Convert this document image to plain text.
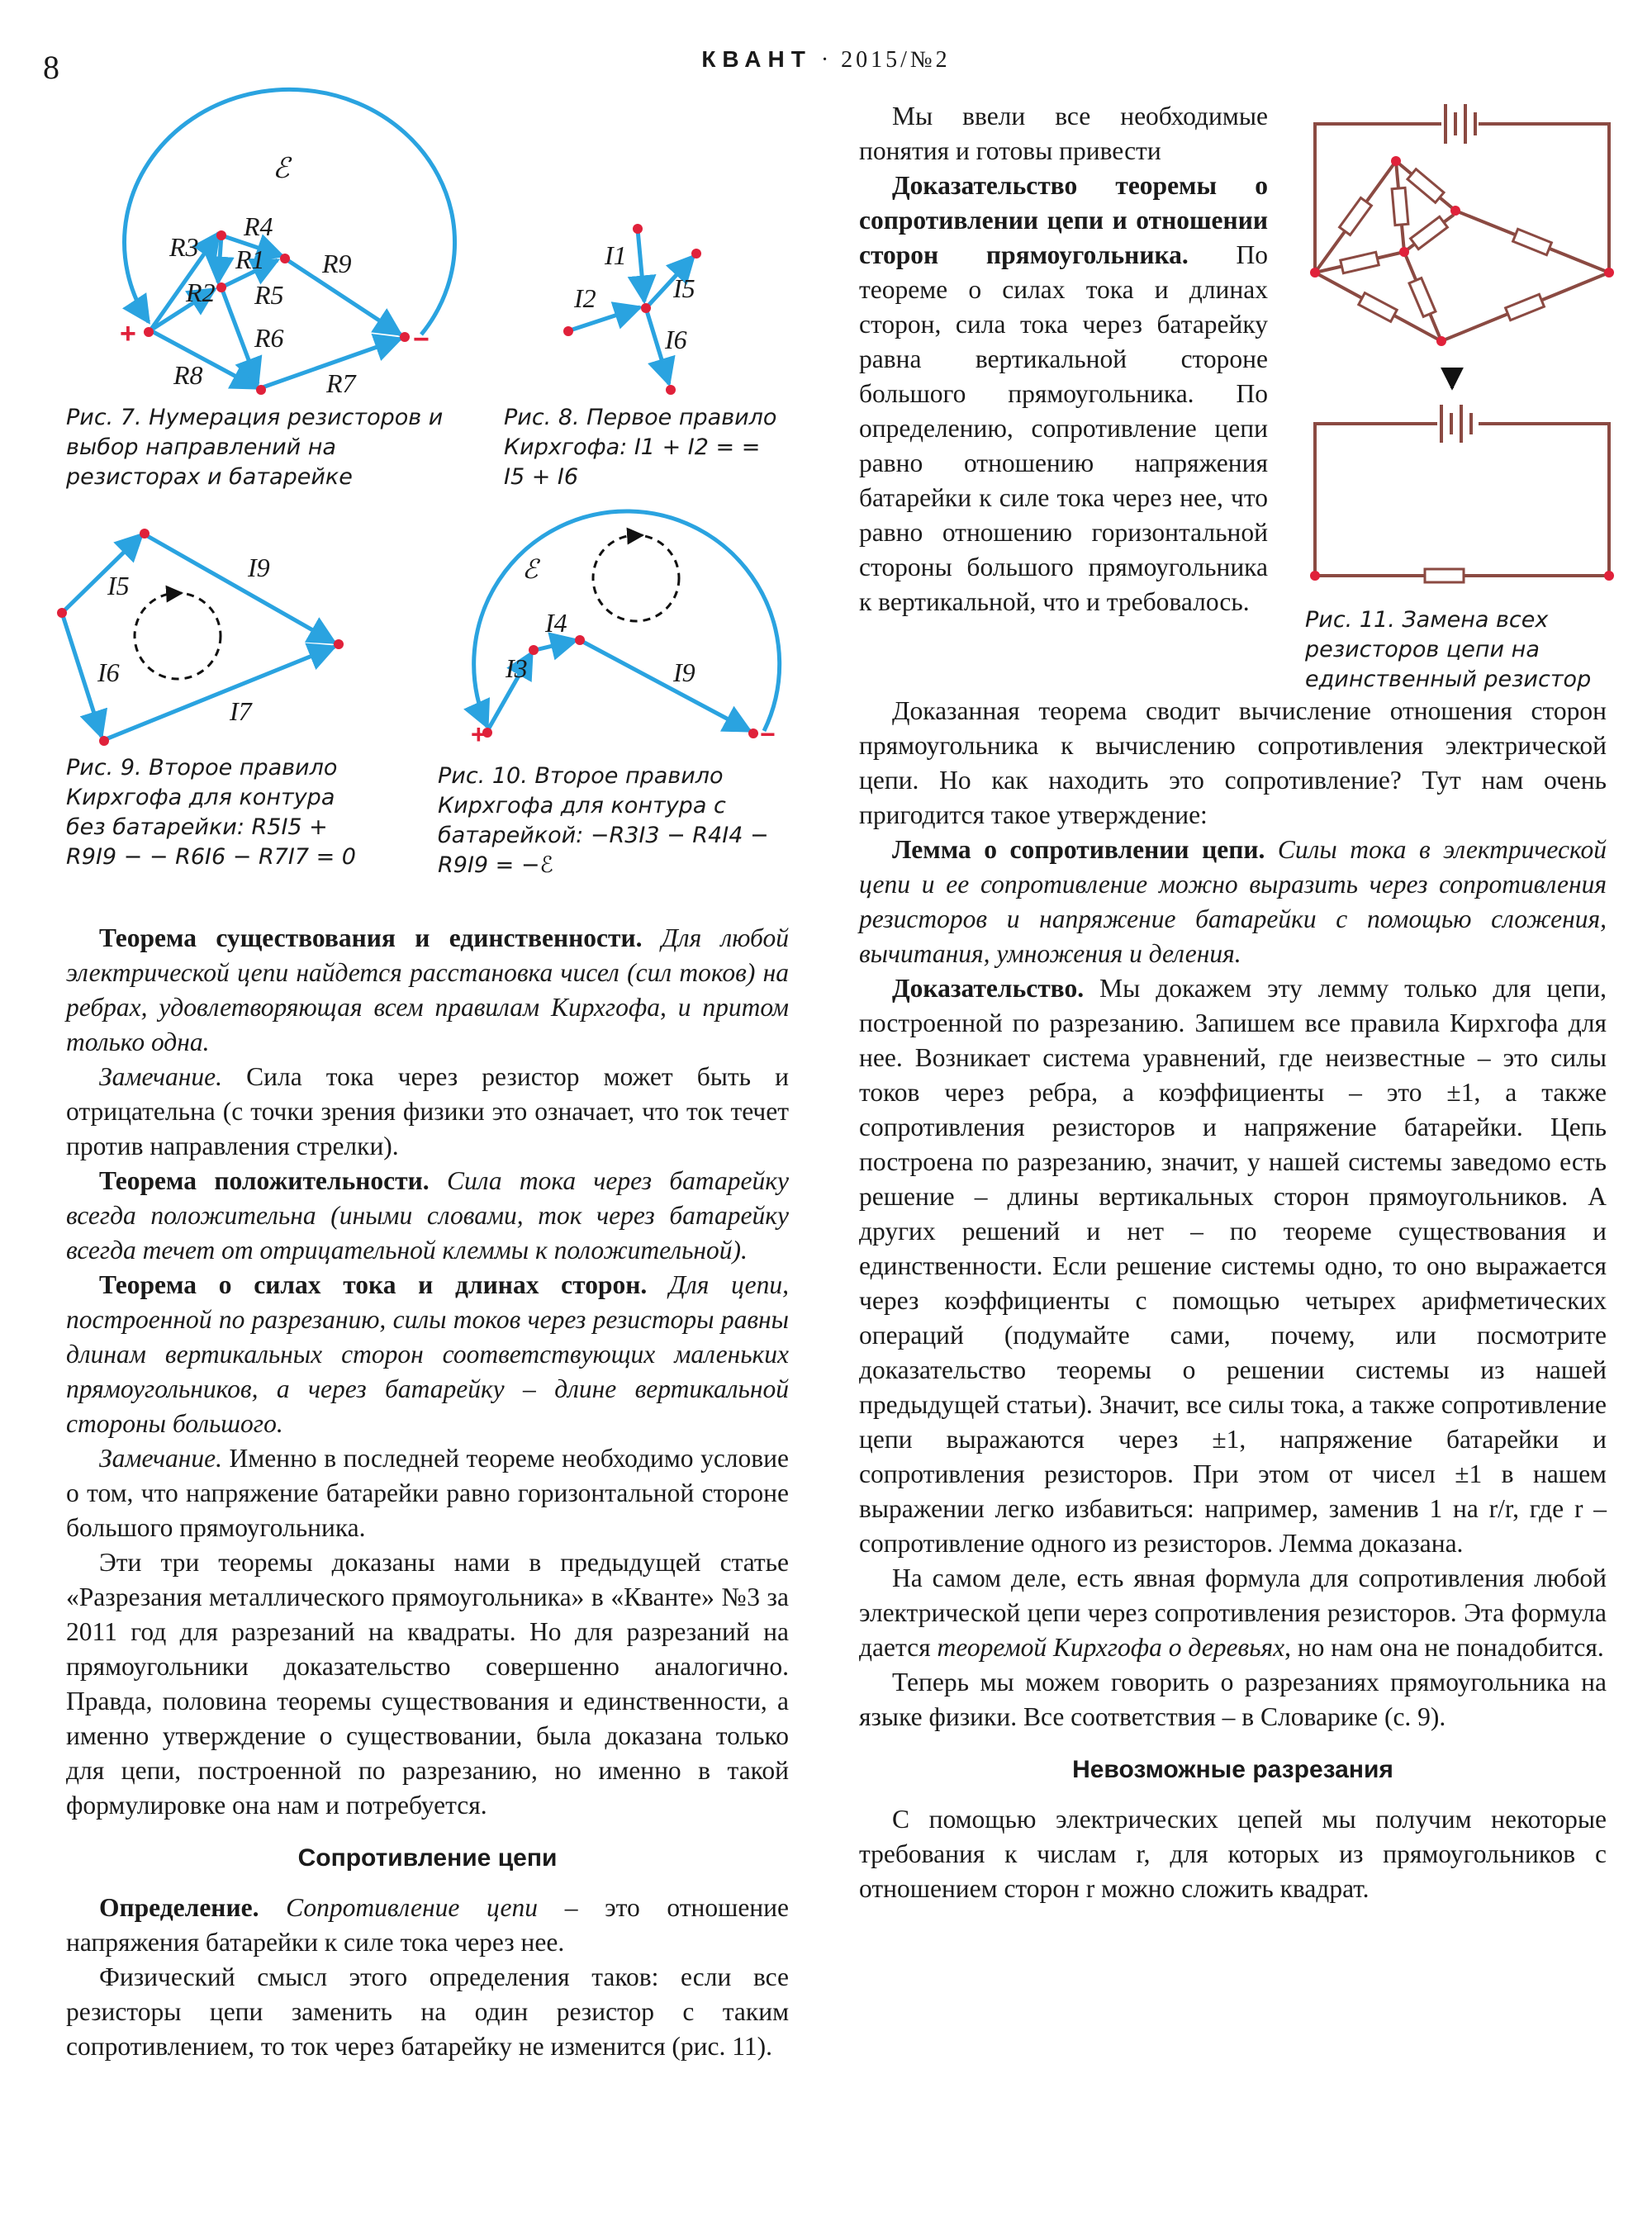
8	КВАНТ · 2015/№2
ℰ
R3
R4
R1 R9
R2 R5
R6
R8	R7
+	−
Рис. 7. Нумерация резисторов и выбор направлений на резисторах и батарейке
I1
I2	I5
I6
Рис. 8. Первое правило Кирхгофа: I1 + I2 = = I5 + I6
I5
I9
I6
I7
Рис. 9. Второе правило Кирхгофа для контура без батарейки: R5I5 + R9I9 − − R6I6 − R7I7 = 0
ℰ
I3
I4
I9
+	−
Рис. 10. Второе правило Кирхгофа для контура с батарейкой: −R3I3 − R4I4 − R9I9 = −ℰ
Рис. 11. Замена всех резисторов цепи на единственный резистор

Теорема существования и единственности. Для любой электрической цепи найдется расстановка чисел (сил токов) на ребрах, удовлетворяющая всем правилам Кирхгофа, и притом только одна.

Замечание. Сила тока через резистор может быть и отрицательна (с точки зрения физики это означает, что ток течет против направления стрелки).

Теорема положительности. Сила тока через батарейку всегда положительна (иными словами, ток через батарейку всегда течет от отрицательной клеммы к положительной).

Теорема о силах тока и длинах сторон. Для цепи, построенной по разрезанию, силы токов через резисторы равны длинам вертикальных сторон соответствующих маленьких прямоугольников, а через батарейку – длине вертикальной стороны большого.

Замечание. Именно в последней теореме необходимо условие о том, что напряжение батарейки равно горизонтальной стороне большого прямоугольника.

Эти три теоремы доказаны нами в предыдущей статье «Разрезания металлического прямоугольника» в «Кванте» №3 за 2011 год для разрезаний на квадраты. Но для разрезаний на прямоугольники доказательство совершенно аналогично. Правда, половина теоремы существования и единственности, а именно утверждение о существовании, была доказана только для цепи, построенной по разрезанию, но именно в такой формулировке она нам и потребуется.

Сопротивление цепи

Определение. Сопротивление цепи – это отношение напряжения батарейки к силе тока через нее.

Физический смысл этого определения таков: если все резисторы цепи заменить на один резистор с таким сопротивлением, то ток через батарейку не изменится (рис. 11).

Мы ввели все необходимые понятия и готовы привести

Доказательство теоремы о сопротивлении цепи и отношении сторон прямоугольника. По теореме о силах тока и длинах сторон, сила тока через батарейку равна вертикальной стороне большого прямоугольника. По определению, сопротивление цепи равно отношению напряжения батарейки к силе тока через нее, что равно отношению горизонтальной стороны большого прямоугольника к вертикальной, что и требовалось.

Доказанная теорема сводит вычисление отношения сторон прямоугольника к вычислению сопротивления электрической цепи. Но как находить это сопротивление? Тут нам очень пригодится такое утверждение:

Лемма о сопротивлении цепи. Силы тока в электрической цепи и ее сопротивление можно выразить через сопротивления резисторов и напряжение батарейки с помощью сложения, вычитания, умножения и деления.

Доказательство. Мы докажем эту лемму только для цепи, построенной по разрезанию. Запишем все правила Кирхгофа для нее. Возникает система уравнений, где неизвестные – это силы токов через ребра, а коэффициенты – это ±1, а также сопротивления резисторов и напряжение батарейки. Цепь построена по разрезанию, значит, у нашей системы заведомо есть решение – длины вертикальных сторон прямоугольников. А других решений и нет – по теореме существования и единственности. Если решение системы одно, то оно выражается через коэффициенты с помощью четырех арифметических операций (подумайте сами, почему, или посмотрите доказательство теоремы о решении системы из нашей предыдущей статьи). Значит, все силы тока, а также сопротивление цепи выражаются через ±1, напряжение батарейки и сопротивления резисторов. При этом от чисел ±1 в нашем выражении легко избавиться: например, заменив 1 на r/r, где r – сопротивление одного из резисторов. Лемма доказана.

На самом деле, есть явная формула для сопротивления любой электрической цепи через сопротивления резисторов. Эта формула дается теоремой Кирхгофа о деревьях, но нам она не понадобится.

Теперь мы можем говорить о разрезаниях прямоугольника на языке физики. Все соответствия – в Словарике (с. 9).

Невозможные разрезания

С помощью электрических цепей мы получим некоторые требования к числам r, для которых из прямоугольников с отношением сторон r можно сложить квадрат.
